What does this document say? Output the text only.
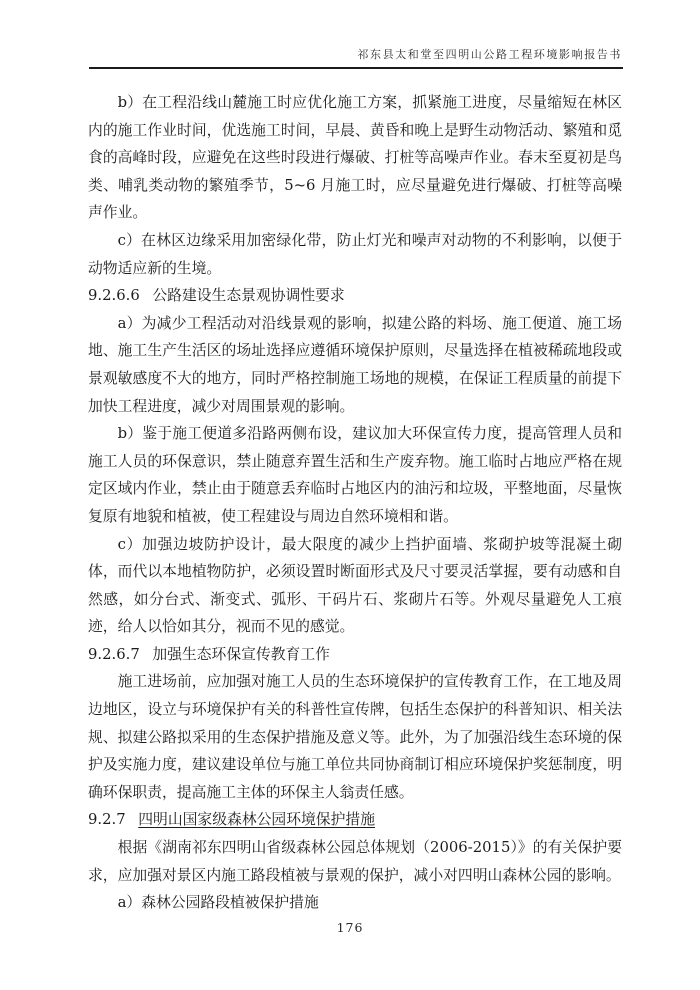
祁东县太和堂至四明山公路工程环境影响报告书

b）在工程沿线山麓施工时应优化施工方案，抓紧施工进度，尽量缩短在林区内的施工作业时间，优选施工时间，早晨、黄昏和晚上是野生动物活动、繁殖和觅食的高峰时段，应避免在这些时段进行爆破、打桩等高噪声作业。春末至夏初是鸟类、哺乳类动物的繁殖季节，5~6 月施工时，应尽量避免进行爆破、打桩等高噪声作业。

c）在林区边缘采用加密绿化带，防止灯光和噪声对动物的不利影响，以便于动物适应新的生境。

9.2.6.6 公路建设生态景观协调性要求

a）为减少工程活动对沿线景观的影响，拟建公路的料场、施工便道、施工场地、施工生产生活区的场址选择应遵循环境保护原则，尽量选择在植被稀疏地段或景观敏感度不大的地方，同时严格控制施工场地的规模，在保证工程质量的前提下加快工程进度，减少对周围景观的影响。

b）鉴于施工便道多沿路两侧布设，建议加大环保宣传力度，提高管理人员和施工人员的环保意识，禁止随意弃置生活和生产废弃物。施工临时占地应严格在规定区域内作业，禁止由于随意丢弃临时占地区内的油污和垃圾，平整地面，尽量恢复原有地貌和植被，使工程建设与周边自然环境相和谐。

c）加强边坡防护设计，最大限度的减少上挡护面墙、浆砌护坡等混凝土砌体，而代以本地植物防护，必须设置时断面形式及尺寸要灵活掌握，要有动感和自然感，如分台式、渐变式、弧形、干码片石、浆砌片石等。外观尽量避免人工痕迹，给人以恰如其分，视而不见的感觉。

9.2.6.7 加强生态环保宣传教育工作

施工进场前，应加强对施工人员的生态环境保护的宣传教育工作，在工地及周边地区，设立与环境保护有关的科普性宣传牌，包括生态保护的科普知识、相关法规、拟建公路拟采用的生态保护措施及意义等。此外，为了加强沿线生态环境的保护及实施力度，建议建设单位与施工单位共同协商制订相应环境保护奖惩制度，明确环保职责，提高施工主体的环保主人翁责任感。

9.2.7 四明山国家级森林公园环境保护措施

根据《湖南祁东四明山省级森林公园总体规划（2006-2015）》的有关保护要求，应加强对景区内施工路段植被与景观的保护，减小对四明山森林公园的影响。

a）森林公园路段植被保护措施

176
